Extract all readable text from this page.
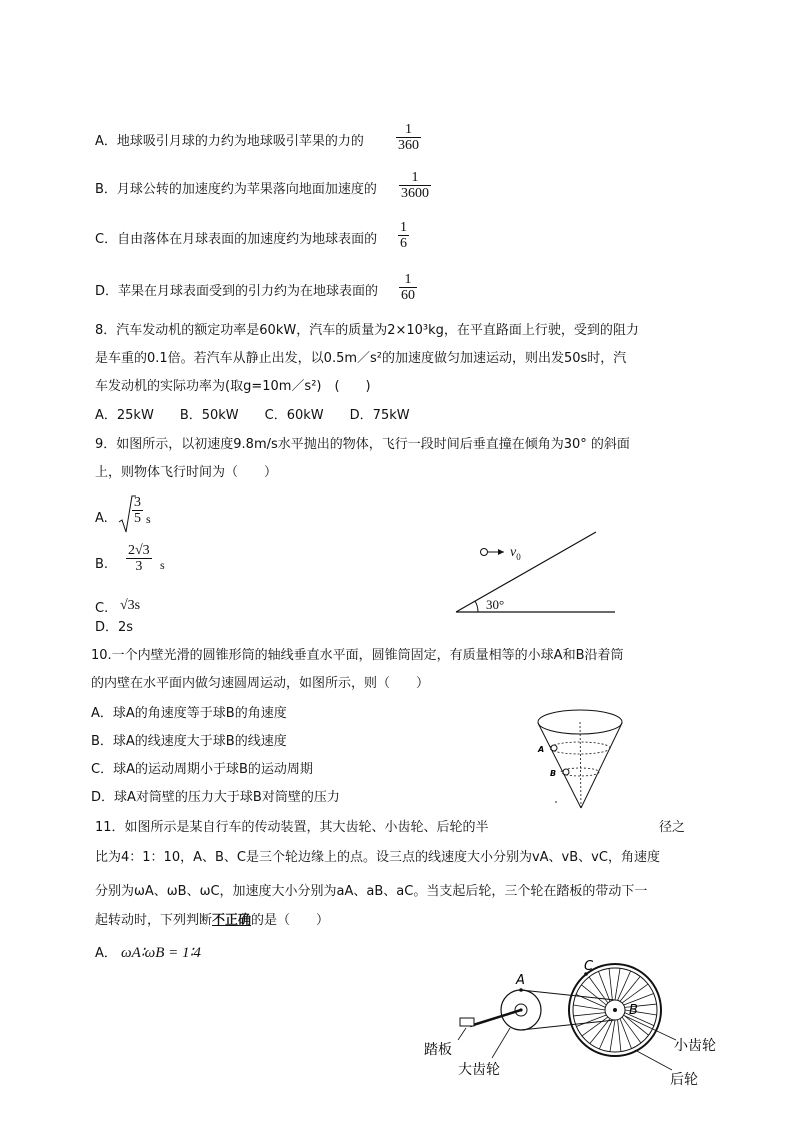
A．地球吸引月球的力约为地球吸引苹果的力的 $\frac{1}{360}$
B．月球公转的加速度约为苹果落向地面加速度的 $\frac{1}{3600}$
C．自由落体在月球表面的加速度约为地球表面的 $\frac{1}{6}$
D．苹果在月球表面受到的引力约为在地球表面的 $\frac{1}{60}$
8．汽车发动机的额定功率是60kW，汽车的质量为2×10³kg，在平直路面上行驶，受到的阻力
是车重的0.1倍。若汽车从静止出发，以0.5m／s²的加速度做匀加速运动，则出发50s时，汽
车发动机的实际功率为(取g=10m／s²)　(　　)
A．25kW　　B．50kW　　C．60kW　　D．75kW
9．如图所示，以初速度9.8m/s水平抛出的物体，飞行一段时间后垂直撞在倾角为30° 的斜面
上，则物体飞行时间为（　　）
A. $\frac{3}{5}$ s
B. $\frac{2√3}{3}$ s
C. √3s
D．2s
$v_0$
30°
10.一个内壁光滑的圆锥形筒的轴线垂直水平面，圆锥筒固定，有质量相等的小球A和B沿着筒
的内壁在水平面内做匀速圆周运动，如图所示，则（　　）
A．球A的角速度等于球B的角速度
B．球A的线速度大于球B的线速度
C．球A的运动周期小于球B的运动周期
D．球A对筒壁的压力大于球B对筒壁的压力
A
B
11．如图所示是某自行车的传动装置，其大齿轮、小齿轮、后轮的半	径之
比为4：1：10，A、B、C是三个轮边缘上的点。设三点的线速度大小分别为vA、vB、vC，角速度
分别为ωA、ωB、ωC，加速度大小分别为aA、aB、aC。当支起后轮，三个轮在踏板的带动下一
起转动时，下列判断不正确的是（　　）
A． ωA∶ωB = 1∶4
A
B
C
踏板
大齿轮
小齿轮
后轮
